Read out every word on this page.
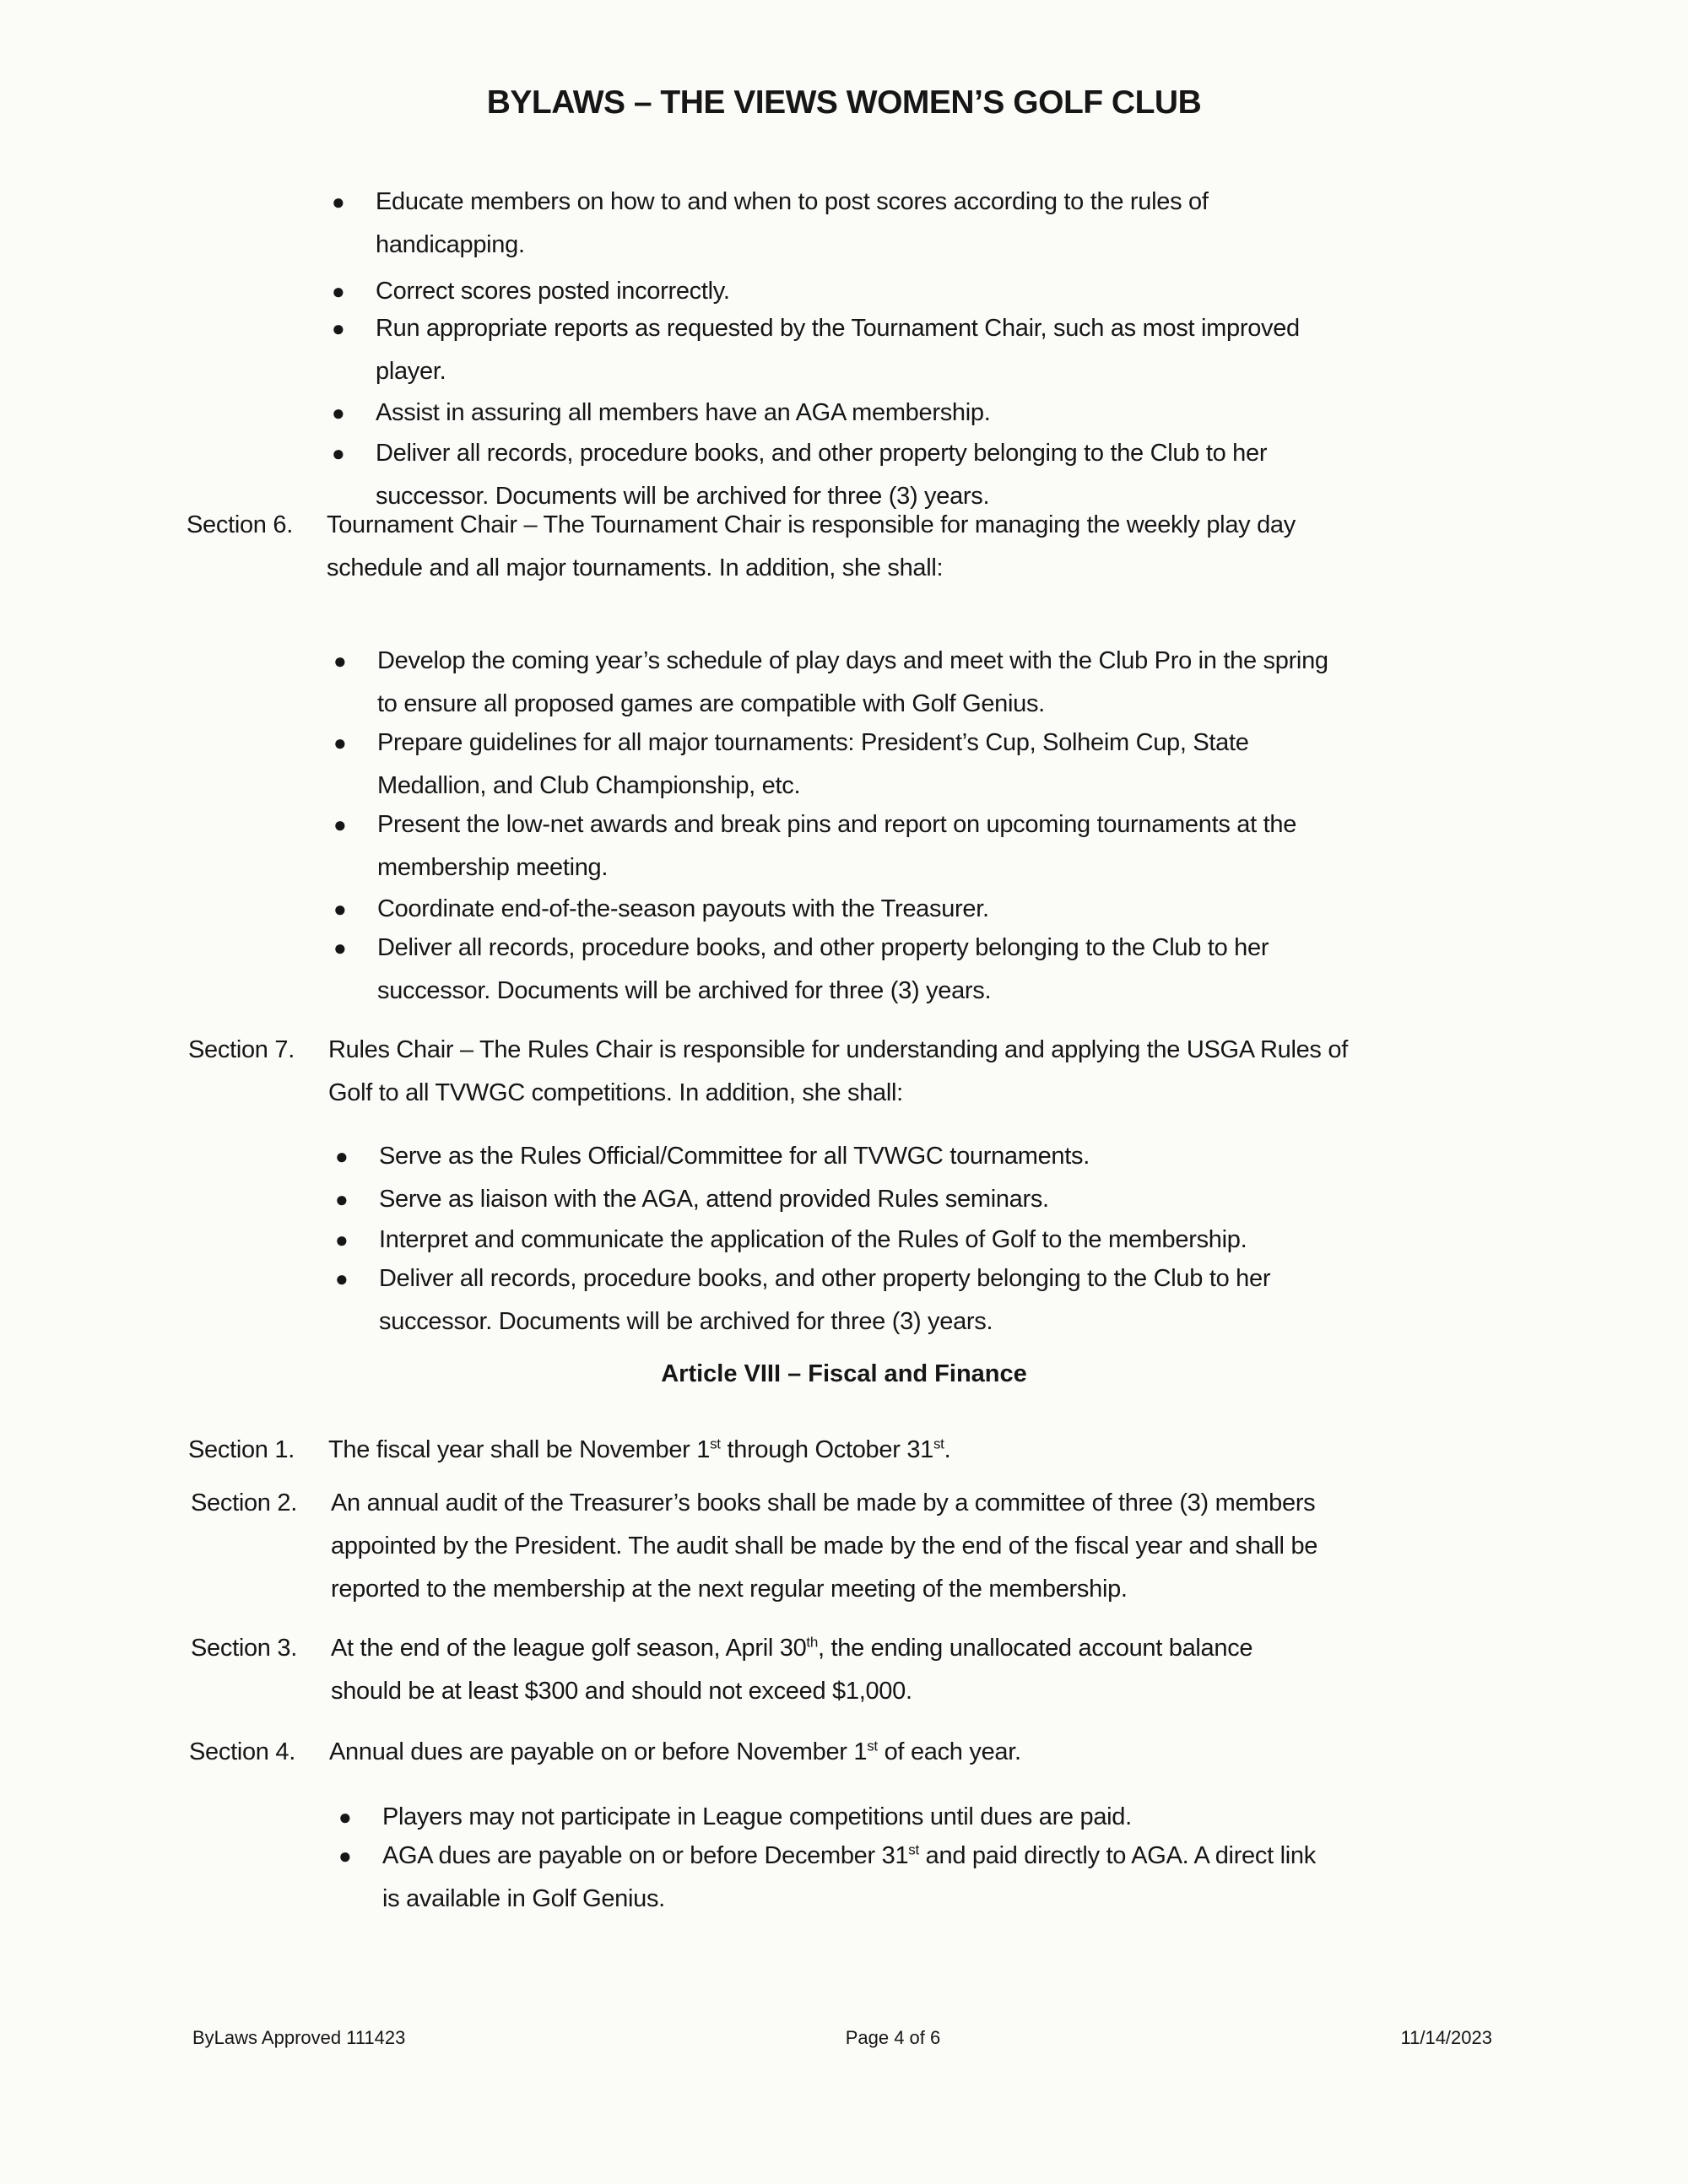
BYLAWS – THE VIEWS WOMEN’S GOLF CLUB
● Educate members on how to and when to post scores according to the rules of
handicapping.
● Correct scores posted incorrectly.
● Run appropriate reports as requested by the Tournament Chair, such as most improved
player.
● Assist in assuring all members have an AGA membership.
● Deliver all records, procedure books, and other property belonging to the Club to her
successor. Documents will be archived for three (3) years.
Section 6. Tournament Chair – The Tournament Chair is responsible for managing the weekly play day
schedule and all major tournaments. In addition, she shall:
● Develop the coming year’s schedule of play days and meet with the Club Pro in the spring
to ensure all proposed games are compatible with Golf Genius.
● Prepare guidelines for all major tournaments: President’s Cup, Solheim Cup, State
Medallion, and Club Championship, etc.
● Present the low-net awards and break pins and report on upcoming tournaments at the
membership meeting.
● Coordinate end-of-the-season payouts with the Treasurer.
● Deliver all records, procedure books, and other property belonging to the Club to her
successor. Documents will be archived for three (3) years.
Section 7. Rules Chair – The Rules Chair is responsible for understanding and applying the USGA Rules of
Golf to all TVWGC competitions. In addition, she shall:
● Serve as the Rules Official/Committee for all TVWGC tournaments.
● Serve as liaison with the AGA, attend provided Rules seminars.
● Interpret and communicate the application of the Rules of Golf to the membership.
● Deliver all records, procedure books, and other property belonging to the Club to her
successor. Documents will be archived for three (3) years.
Article VIII – Fiscal and Finance
Section 1. The fiscal year shall be November 1st through October 31st.
Section 2. An annual audit of the Treasurer’s books shall be made by a committee of three (3) members
appointed by the President. The audit shall be made by the end of the fiscal year and shall be
reported to the membership at the next regular meeting of the membership.
Section 3. At the end of the league golf season, April 30th, the ending unallocated account balance
should be at least $300 and should not exceed $1,000.
Section 4. Annual dues are payable on or before November 1st of each year.
● Players may not participate in League competitions until dues are paid.
● AGA dues are payable on or before December 31st and paid directly to AGA. A direct link
is available in Golf Genius.
ByLaws Approved 111423	Page 4 of 6	11/14/2023
